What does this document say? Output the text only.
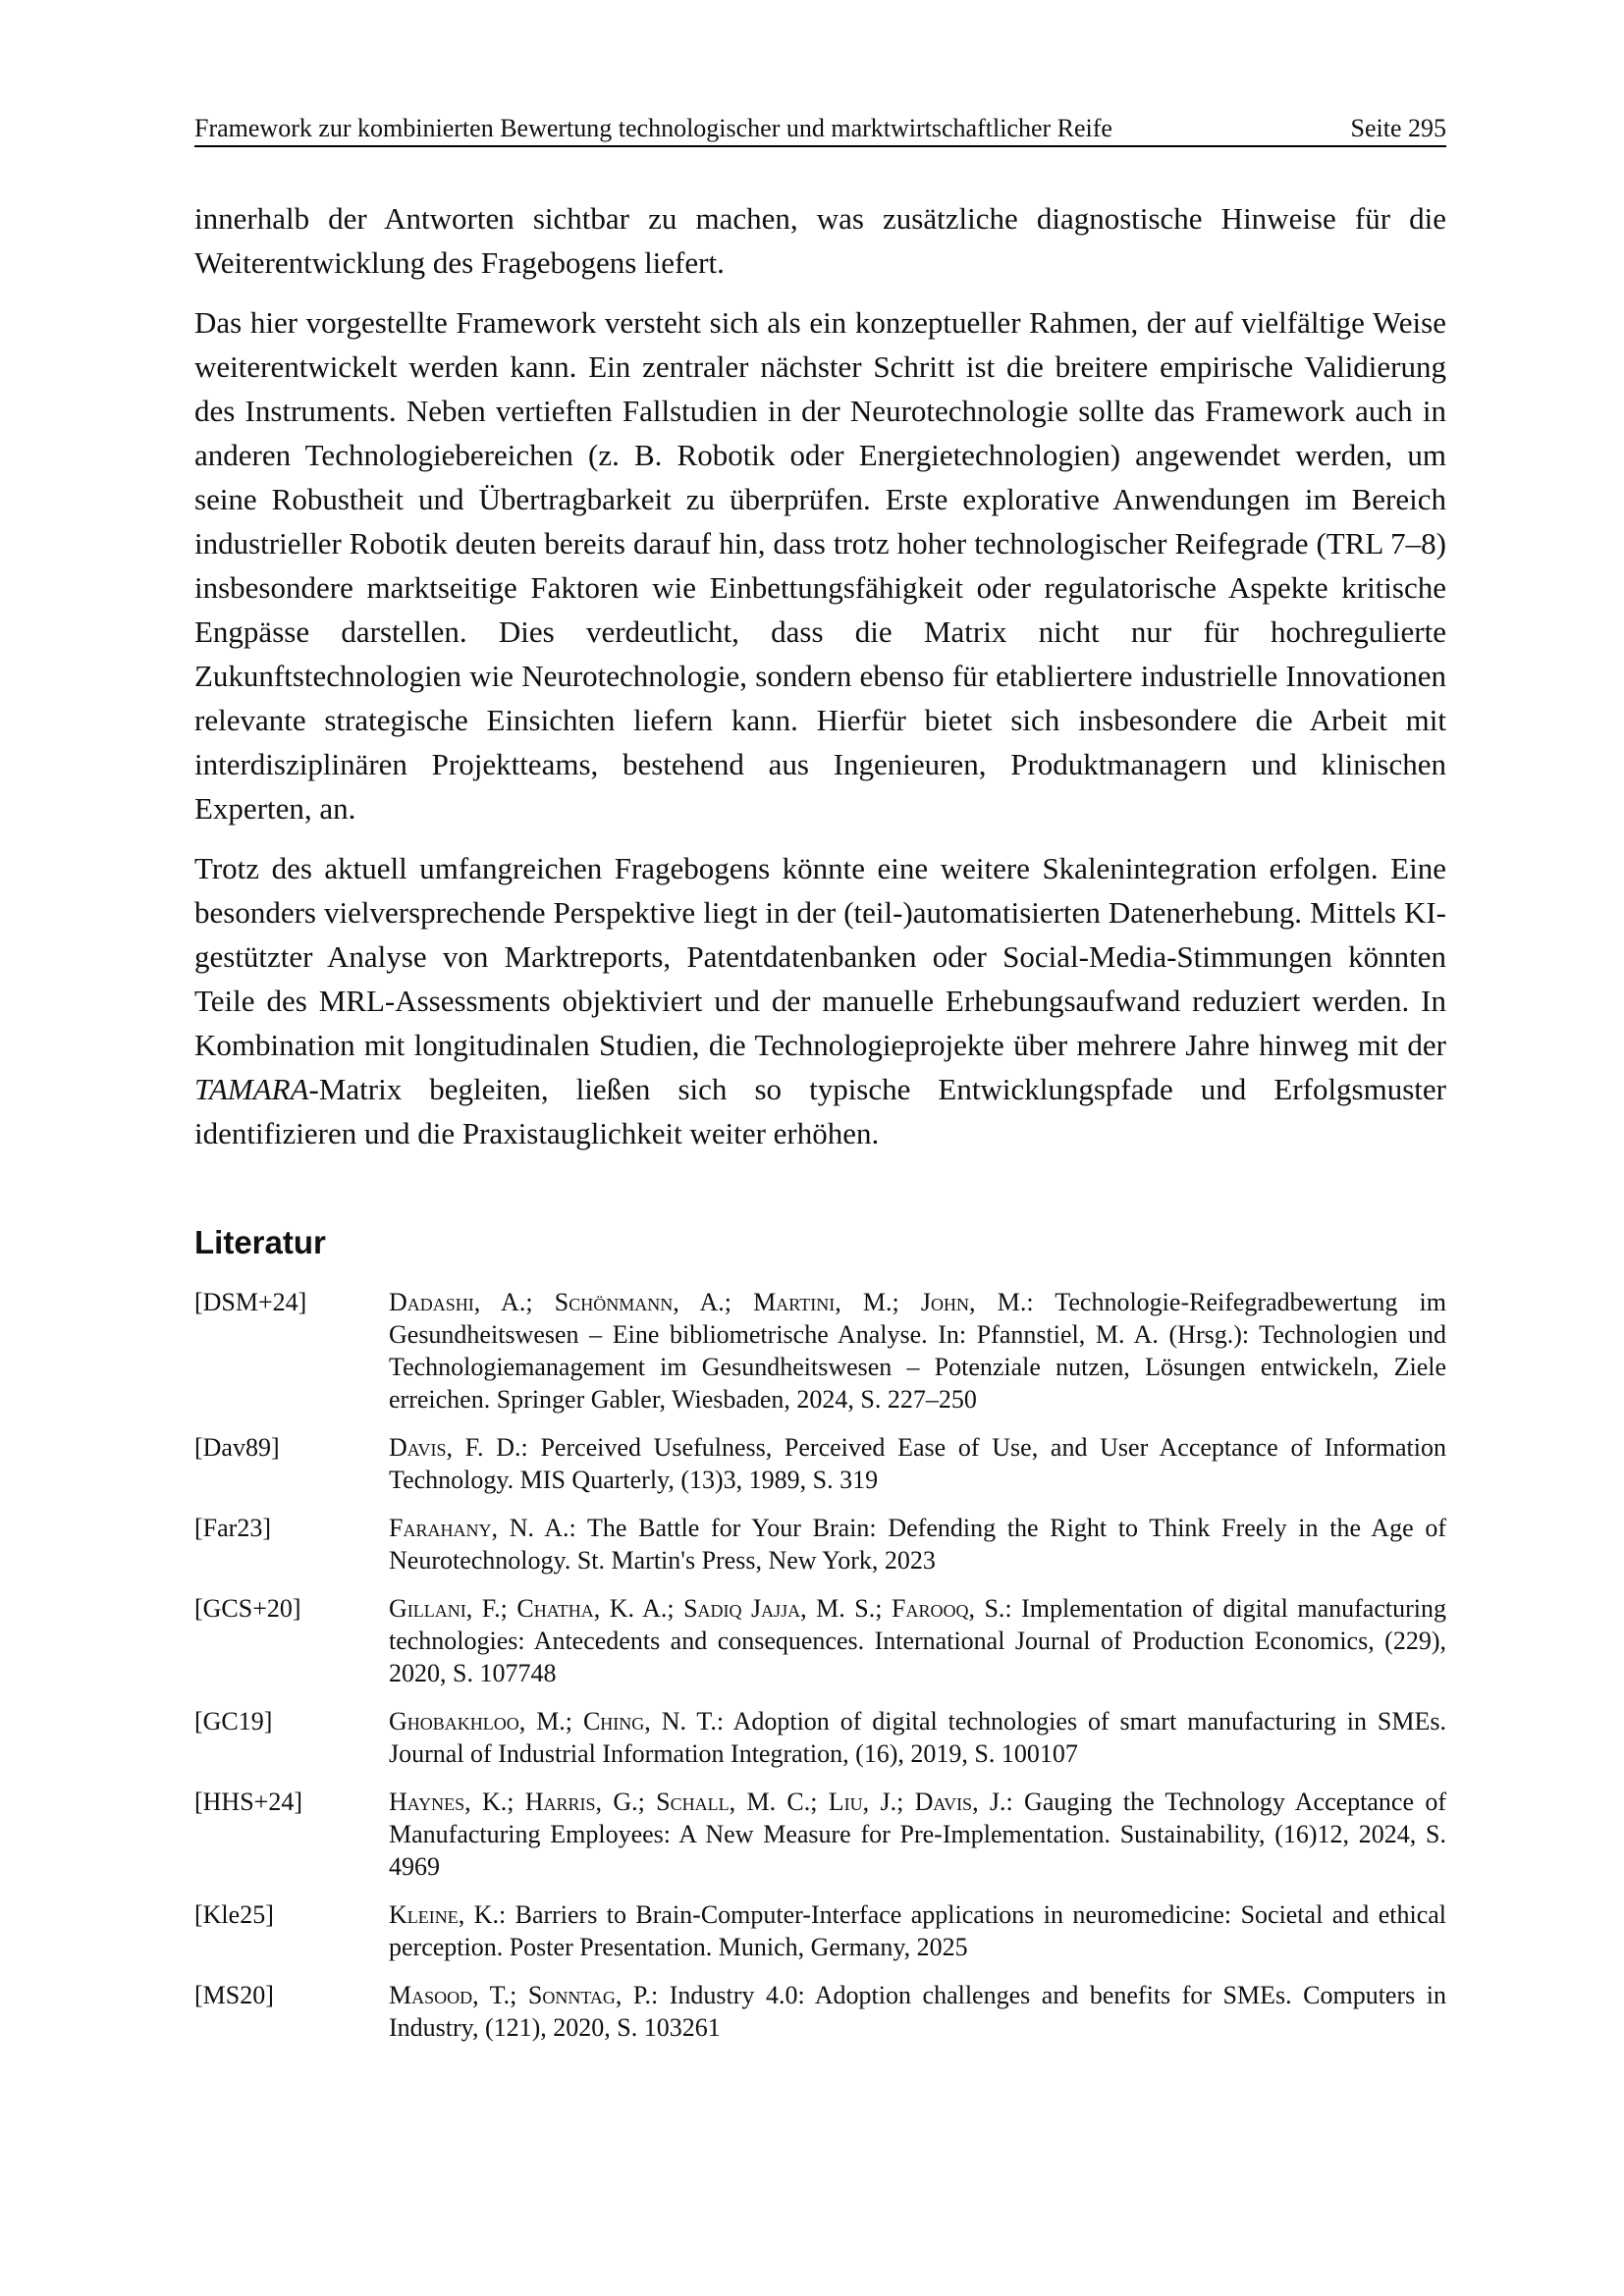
Framework zur kombinierten Bewertung technologischer und marktwirtschaftlicher Reife	Seite 295

innerhalb der Antworten sichtbar zu machen, was zusätzliche diagnostische Hinweise für die Weiterentwicklung des Fragebogens liefert.

Das hier vorgestellte Framework versteht sich als ein konzeptueller Rahmen, der auf vielfältige Weise weiterentwickelt werden kann. Ein zentraler nächster Schritt ist die breitere empirische Validierung des Instruments. Neben vertieften Fallstudien in der Neurotechnologie sollte das Framework auch in anderen Technologiebereichen (z. B. Robotik oder Energietechnologien) angewendet werden, um seine Robustheit und Übertragbarkeit zu überprüfen. Erste explorative Anwendungen im Bereich industrieller Robotik deuten bereits darauf hin, dass trotz hoher technologischer Reifegrade (TRL 7–8) insbesondere marktseitige Faktoren wie Einbettungsfähigkeit oder regulatorische Aspekte kritische Engpässe darstellen. Dies verdeutlicht, dass die Matrix nicht nur für hochregulierte Zukunftstechnologien wie Neurotechnologie, sondern ebenso für etabliertere industrielle Innovationen relevante strategische Einsichten liefern kann. Hierfür bietet sich insbesondere die Arbeit mit interdisziplinären Projektteams, bestehend aus Ingenieuren, Produktmanagern und klinischen Experten, an.

Trotz des aktuell umfangreichen Fragebogens könnte eine weitere Skalenintegration erfolgen. Eine besonders vielversprechende Perspektive liegt in der (teil-)automatisierten Datenerhebung. Mittels KI-gestützter Analyse von Marktreports, Patentdatenbanken oder Social-Media-Stimmungen könnten Teile des MRL-Assessments objektiviert und der manuelle Erhebungsaufwand reduziert werden. In Kombination mit longitudinalen Studien, die Technologieprojekte über mehrere Jahre hinweg mit der TAMARA-Matrix begleiten, ließen sich so typische Entwicklungspfade und Erfolgsmuster identifizieren und die Praxistauglichkeit weiter erhöhen.

Literatur
[DSM+24]	Dadashi, A.; Schönmann, A.; Martini, M.; John, M.: Technologie-Reifegradbewertung im Gesundheitswesen – Eine bibliometrische Analyse. In: Pfannstiel, M. A. (Hrsg.): Technologien und Technologiemanagement im Gesundheitswesen – Potenziale nutzen, Lösungen entwickeln, Ziele erreichen. Springer Gabler, Wiesbaden, 2024, S. 227–250
[Dav89]	Davis, F. D.: Perceived Usefulness, Perceived Ease of Use, and User Acceptance of Information Technology. MIS Quarterly, (13)3, 1989, S. 319
[Far23]	Farahany, N. A.: The Battle for Your Brain: Defending the Right to Think Freely in the Age of Neurotechnology. St. Martin's Press, New York, 2023
[GCS+20]	Gillani, F.; Chatha, K. A.; Sadiq Jajja, M. S.; Farooq, S.: Implementation of digital manufacturing technologies: Antecedents and consequences. International Journal of Production Economics, (229), 2020, S. 107748
[GC19]	Ghobakhloo, M.; Ching, N. T.: Adoption of digital technologies of smart manufacturing in SMEs. Journal of Industrial Information Integration, (16), 2019, S. 100107
[HHS+24]	Haynes, K.; Harris, G.; Schall, M. C.; Liu, J.; Davis, J.: Gauging the Technology Acceptance of Manufacturing Employees: A New Measure for Pre-Implementation. Sustainability, (16)12, 2024, S. 4969
[Kle25]	Kleine, K.: Barriers to Brain-Computer-Interface applications in neuromedicine: Societal and ethical perception. Poster Presentation. Munich, Germany, 2025
[MS20]	Masood, T.; Sonntag, P.: Industry 4.0: Adoption challenges and benefits for SMEs. Computers in Industry, (121), 2020, S. 103261
